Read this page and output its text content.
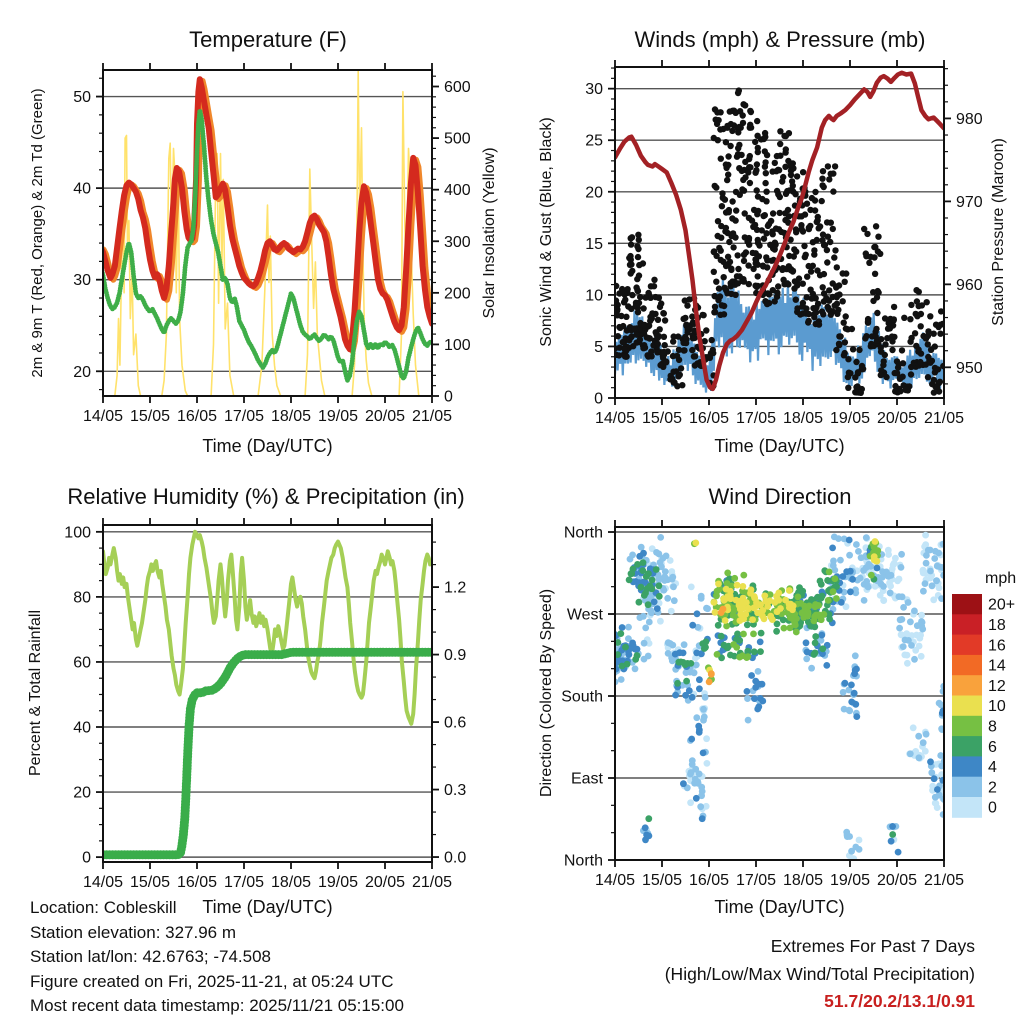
14/05 15/05 16/05 17/05 18/05 19/05 20/05 21/05
20
30
40
50
0
100
200
300
400
500
600
14/05 15/05 16/05 17/05 18/05 19/05 20/05 21/05
0
5
10
15
20
25
30
950
960
970
980
14/05 15/05 16/05 17/05 18/05 19/05 20/05 21/05
0
20
40
60
80
100
0.0
0.3
0.6
0.9
1.2
14/05 15/05 16/05 17/05 18/05 19/05 20/05 21/05
North
West
South
East
North
20+
18
16
14
12
10
8
6
4
2
0
Temperature (F)	Winds (mph) & Pressure (mb)
Relative Humidity (%) & Precipitation (in)	Wind Direction
2m & 9m T (Red, Orange) & 2m Td (Green)	Solar Insolation (Yellow)	Sonic Wind & Gust (Blue, Black)	Station Pressure (Maroon)
Percent & Total Rainfall	Direction (Colored By Speed)
Time (Day/UTC)	Time (Day/UTC)
Time (Day/UTC)	Time (Day/UTC)
mph
Location: Cobleskill
Station elevation: 327.96 m
Station lat/lon: 42.6763; -74.508
Figure created on Fri, 2025-11-21, at 05:24 UTC
Most recent data timestamp: 2025/11/21 05:15:00
Extremes For Past 7 Days
(High/Low/Max Wind/Total Precipitation)
51.7/20.2/13.1/0.91
